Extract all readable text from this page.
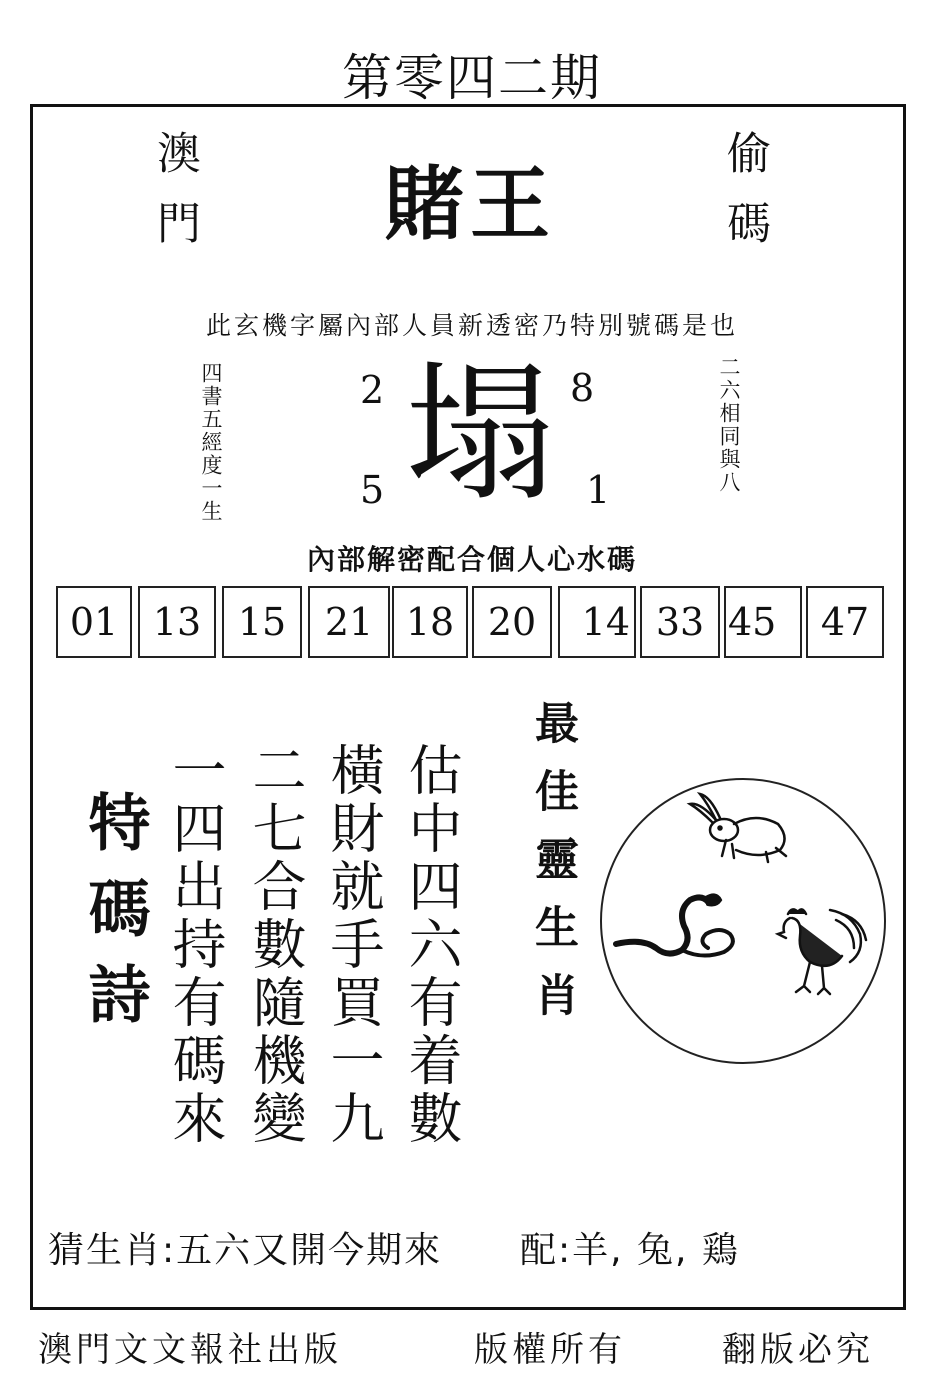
第零四二期
澳門	偷碼
賭王
此玄機字屬內部人員新透密乃特別號碼是也
四書五經度一生	二六相同與八
塌
2	8
5	1
內部解密配合個人心水碼
01 13 15	21 18 20	14 33 45	47
特碼詩	估中四六有着數
橫財就手買一九
二七合數隨機變
一四出持有碼來	最佳靈生肖
猜生肖:五六又開今期來 配:羊, 兔, 鶏
澳門文文報社出版	版權所有	翻版必究
